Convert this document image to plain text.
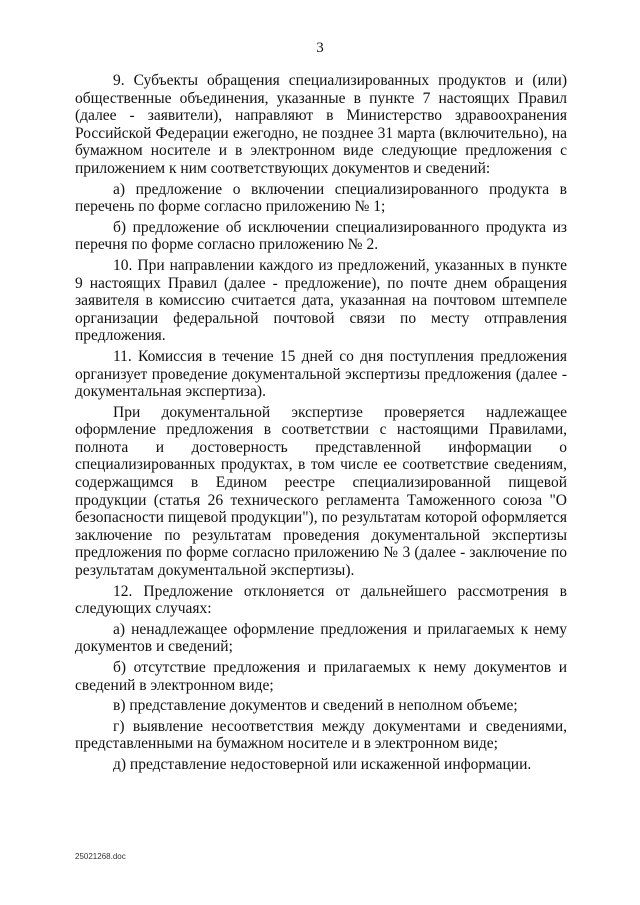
3

9. Субъекты обращения специализированных продуктов и (или) общественные объединения, указанные в пункте 7 настоящих Правил (далее - заявители), направляют в Министерство здравоохранения Российской Федерации ежегодно, не позднее 31 марта (включительно), на бумажном носителе и в электронном виде следующие предложения с приложением к ним соответствующих документов и сведений:

а) предложение о включении специализированного продукта в перечень по форме согласно приложению № 1;

б) предложение об исключении специализированного продукта из перечня по форме согласно приложению № 2.

10. При направлении каждого из предложений, указанных в пункте 9 настоящих Правил (далее - предложение), по почте днем обращения заявителя в комиссию считается дата, указанная на почтовом штемпеле организации федеральной почтовой связи по месту отправления предложения.

11. Комиссия в течение 15 дней со дня поступления предложения организует проведение документальной экспертизы предложения (далее - документальная экспертиза).

При документальной экспертизе проверяется надлежащее оформление предложения в соответствии с настоящими Правилами, полнота и достоверность представленной информации о специализированных продуктах, в том числе ее соответствие сведениям, содержащимся в Едином реестре специализированной пищевой продукции (статья 26 технического регламента Таможенного союза "О безопасности пищевой продукции"), по результатам которой оформляется заключение по результатам проведения документальной экспертизы предложения по форме согласно приложению № 3 (далее - заключение по результатам документальной экспертизы).

12. Предложение отклоняется от дальнейшего рассмотрения в следующих случаях:

а) ненадлежащее оформление предложения и прилагаемых к нему документов и сведений;

б) отсутствие предложения и прилагаемых к нему документов и сведений в электронном виде;

в) представление документов и сведений в неполном объеме;

г) выявление несоответствия между документами и сведениями, представленными на бумажном носителе и в электронном виде;

д) представление недостоверной или искаженной информации.

25021268.doc
